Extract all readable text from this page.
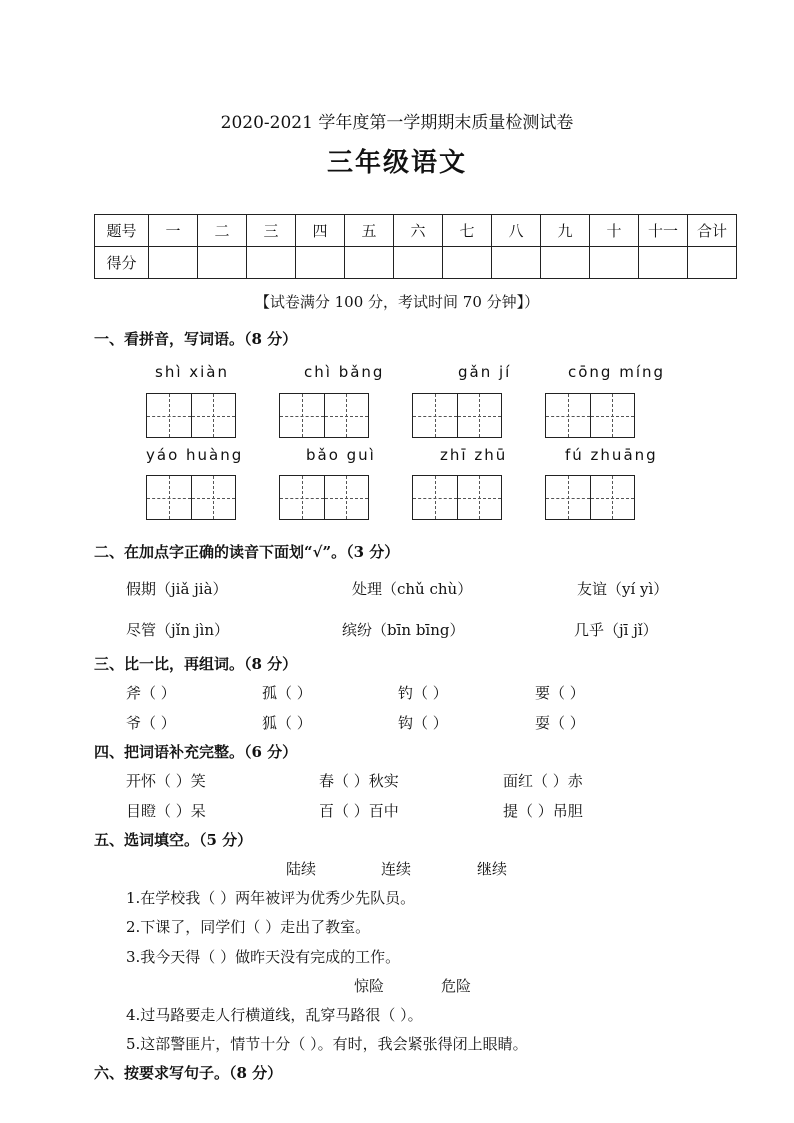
2020-2021 学年度第一学期期末质量检测试卷
三年级语文
题号	一	二	三	四	五	六	七	八	九	十	十一	合计
得分												
【试卷满分 100 分，考试时间 70 分钟】）
一、看拼音，写词语。（8 分）
shì xiàn	chì bǎng	gǎn jí	cōng míng
yáo huàng	bǎo guì	zhī zhū	fú zhuāng
二、在加点字正确的读音下面划“√”。（3 分）
假期（jiǎ jià）	处理（chǔ chù）	友谊（yí yì）
尽管（jǐn jìn）	缤纷（bīn bīng）	几乎（jī jǐ）
三、比一比，再组词。（8 分）
斧（ ）	孤（ ）	钓（ ）	要（ ）
爷（ ）	狐（ ）	钩（ ）	耍（ ）
四、把词语补充完整。（6 分）
开怀（ ）笑	春（ ）秋实	面红（ ）赤
目瞪（ ）呆	百（ ）百中	提（ ）吊胆
五、选词填空。（5 分）
陆续	连续	继续
1.在学校我（ ）两年被评为优秀少先队员。
2.下课了，同学们（ ）走出了教室。
3.我今天得（ ）做昨天没有完成的工作。
惊险	危险
4.过马路要走人行横道线，乱穿马路很（ ）。
5.这部警匪片，情节十分（ ）。有时，我会紧张得闭上眼睛。
六、按要求写句子。（8 分）
